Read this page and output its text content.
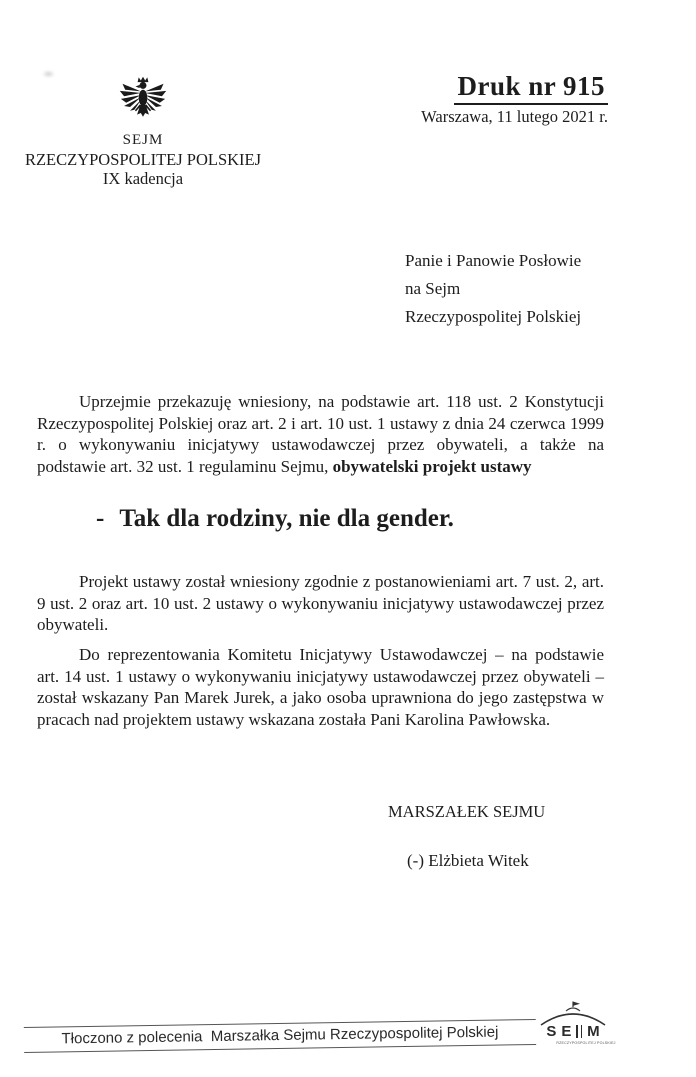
SEJM
RZECZYPOSPOLITEJ POLSKIEJ
IX kadencja
Druk nr 915
Warszawa, 11 lutego 2021 r.
Panie i Panowie Posłowie
na Sejm
Rzeczypospolitej Polskiej
Uprzejmie przekazuję wniesiony, na podstawie art. 118 ust. 2 Konstytucji Rzeczypospolitej Polskiej oraz art. 2 i art. 10 ust. 1 ustawy z dnia 24 czerwca 1999 r. o wykonywaniu inicjatywy ustawodawczej przez obywateli, a także na podstawie art. 32 ust. 1 regulaminu Sejmu, obywatelski projekt ustawy
- Tak dla rodziny, nie dla gender.
Projekt ustawy został wniesiony zgodnie z postanowieniami art. 7 ust. 2, art. 9 ust. 2 oraz art. 10 ust. 2 ustawy o wykonywaniu inicjatywy ustawodawczej przez obywateli.
Do reprezentowania Komitetu Inicjatywy Ustawodawczej – na podstawie art. 14 ust. 1 ustawy o wykonywaniu inicjatywy ustawodawczej przez obywateli – został wskazany Pan Marek Jurek, a jako osoba uprawniona do jego zastępstwa w pracach nad projektem ustawy wskazana została Pani Karolina Pawłowska.
MARSZAŁEK SEJMU
(-) Elżbieta Witek
Tłoczono z polecenia  Marszałka Sejmu Rzeczypospolitej Polskiej	S E M
RZECZYPOSPOLITEJ POLSKIEJ
